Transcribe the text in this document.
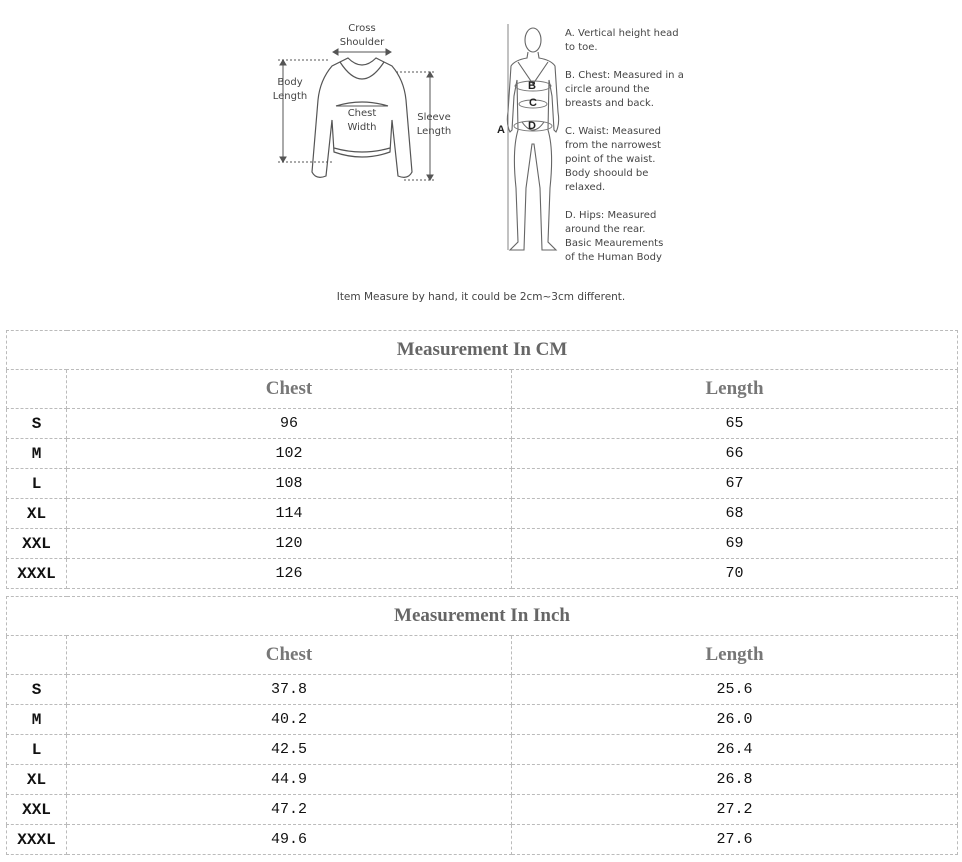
Cross
Shoulder
Body
Length
Chest
Width
Sleeve
Length	A
B
C
D
A. Vertical height head
to toe.
B. Chest: Measured in a
circle around the
breasts and back.
C. Waist: Measured
from the narrowest
point of the waist.
Body shoould be
relaxed.
D. Hips: Measured
around the rear.
Basic Meaurements
of the Human Body
Item Measure by hand, it could be 2cm~3cm different.
Measurement In CM		
	Chest	Length
S	96	65
M	102	66
L	108	67
XL	114	68
XXL	120	69
XXXL	126	70
Measurement In Inch		
	Chest	Length
S	37.8	25.6
M	40.2	26.0
L	42.5	26.4
XL	44.9	26.8
XXL	47.2	27.2
XXXL	49.6	27.6
